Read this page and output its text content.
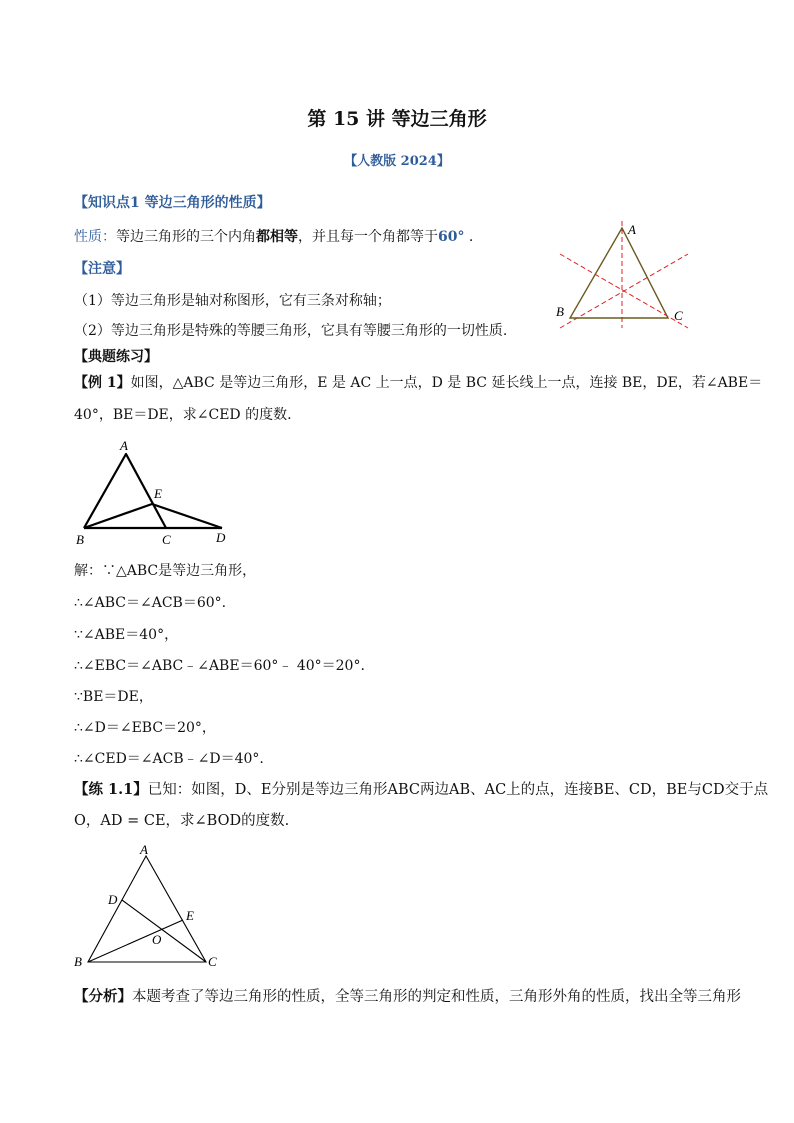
第 15 讲 等边三角形
【人教版 2024】
【知识点1 等边三角形的性质】
性质：等边三角形的三个内角都相等，并且每一个角都等于60° .
【注意】
（1）等边三角形是轴对称图形，它有三条对称轴；
（2）等边三角形是特殊的等腰三角形，它具有等腰三角形的一切性质.
A
B	C
【典题练习】
【例 1】如图，△ABC 是等边三角形，E 是 AC 上一点，D 是 BC 延长线上一点，连接 BE，DE，若∠ABE＝
40°，BE＝DE，求∠CED 的度数.
A
E
B	C	D
解：∵△ABC是等边三角形，
∴∠ABC＝∠ACB＝60°.
∵∠ABE＝40°，
∴∠EBC＝∠ABC﹣∠ABE＝60°﹣ 40°＝20°.
∵BE＝DE，
∴∠D＝∠EBC＝20°，
∴∠CED＝∠ACB﹣∠D＝40°.
【练 1.1】已知：如图，D、E分别是等边三角形ABC两边AB、AC上的点，连接BE、CD，BE与CD交于点
O，AD = CE，求∠BOD的度数.
A
D
E
O
B	C
【分析】本题考查了等边三角形的性质，全等三角形的判定和性质，三角形外角的性质，找出全等三角形
